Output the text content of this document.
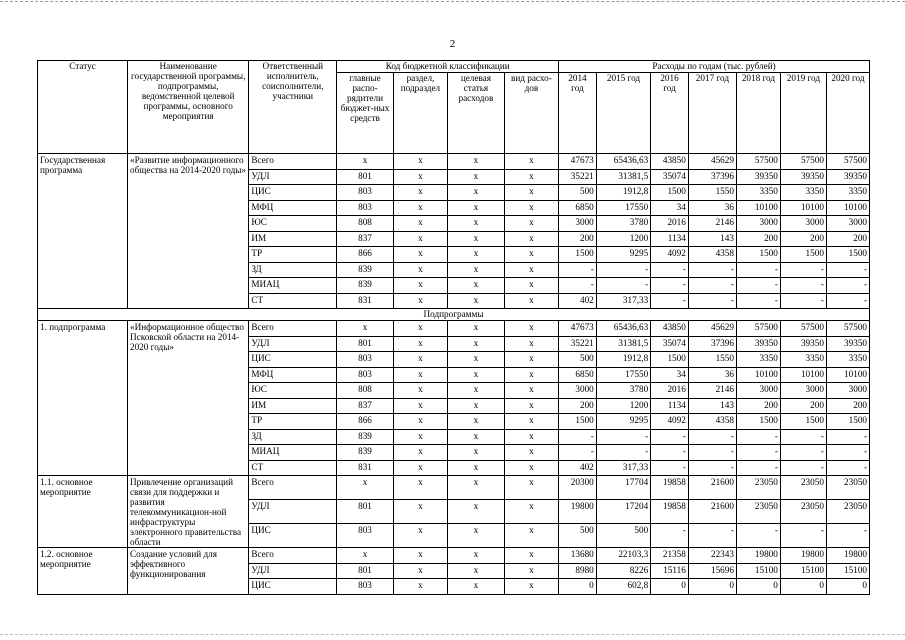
2
Статус	Наименование государственной программы, подпрограммы, ведомственной целевой программы, основного мероприятия	Ответственный исполнитель, соисполнители, участники	Код бюджетной классификации				Расходы по годам (тыс. рублей)						
			главные распо-рядители бюджет-ных средств	раздел, подраздел	целевая статья расходов	вид расхо-дов	2014 год	2015 год	2016 год	2017 год	2018 год	2019 год	2020 год
Государственная программа	«Развитие информационного общества на 2014-2020 годы»	Всего	x	x	x	x	47673	65436,63	43850	45629	57500	57500	57500
		УДЛ	801	x	x	x	35221	31381,5	35074	37396	39350	39350	39350
		ЦИС	803	x	x	x	500	1912,8	1500	1550	3350	3350	3350
		МФЦ	803	x	x	x	6850	17550	34	36	10100	10100	10100
		ЮС	808	x	x	x	3000	3780	2016	2146	3000	3000	3000
		ИМ	837	x	x	x	200	1200	1134	143	200	200	200
		ТР	866	x	x	x	1500	9295	4092	4358	1500	1500	1500
		ЗД	839	x	x	x	-	-	-	-	-	-	-
		МИАЦ	839	x	x	x	-	-	-	-	-	-	-
		СТ	831	x	x	x	402	317,33	-	-	-	-	-
Подпрограммы													
1. подпрограмма	«Информационное общество Псковской области на 2014-2020 годы»	Всего	x	x	x	x	47673	65436,63	43850	45629	57500	57500	57500
		УДЛ	801	x	x	x	35221	31381,5	35074	37396	39350	39350	39350
		ЦИС	803	x	x	x	500	1912,8	1500	1550	3350	3350	3350
		МФЦ	803	x	x	x	6850	17550	34	36	10100	10100	10100
		ЮС	808	x	x	x	3000	3780	2016	2146	3000	3000	3000
		ИМ	837	x	x	x	200	1200	1134	143	200	200	200
		ТР	866	x	x	x	1500	9295	4092	4358	1500	1500	1500
		ЗД	839	x	x	x	-	-	-	-	-	-	-
		МИАЦ	839	x	x	x	-	-	-	-	-	-	-
		СТ	831	x	x	x	402	317,33	-	-	-	-	-
1.1. основное мероприятие	Привлечение организаций связи для поддержки и развития телекоммуникацион-ной инфраструктуры электронного правительства области	Всего	x	x	x	x	20300	17704	19858	21600	23050	23050	23050
		УДЛ	801	x	x	x	19800	17204	19858	21600	23050	23050	23050
		ЦИС	803	x	x	x	500	500	-	-	-	-	-
1.2. основное мероприятие	Создание условий для эффективного функционирования	Всего	x	x	x	x	13680	22103,3	21358	22343	19800	19800	19800
		УДЛ	801	x	x	x	8980	8226	15116	15696	15100	15100	15100
		ЦИС	803	x	x	x	0	602,8	0	0	0	0	0
